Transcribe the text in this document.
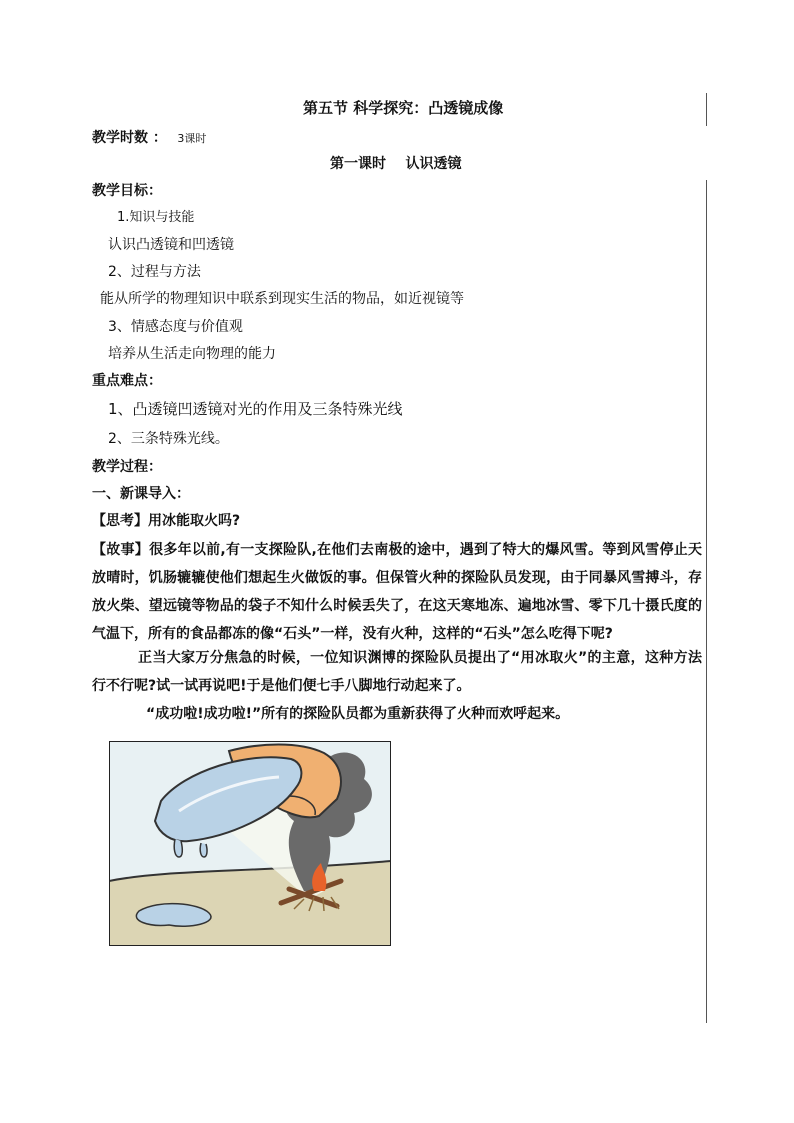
第五节 科学探究：凸透镜成像
教学时数 ： 3课时
第一课时    认识透镜
教学目标：
1.知识与技能
认识凸透镜和凹透镜
2、过程与方法
能从所学的物理知识中联系到现实生活的物品，如近视镜等
3、情感态度与价值观
培养从生活走向物理的能力
重点难点：
1、凸透镜凹透镜对光的作用及三条特殊光线
2、三条特殊光线。
教学过程：
一、新课导入：
【思考】用冰能取火吗?
【故事】很多年以前,有一支探险队,在他们去南极的途中，遇到了特大的爆风雪。等到风雪停止天放晴时，饥肠辘辘使他们想起生火做饭的事。但保管火种的探险队员发现，由于同暴风雪搏斗，存放火柴、望远镜等物品的袋子不知什么时候丢失了，在这天寒地冻、遍地冰雪、零下几十摄氏度的气温下，所有的食品都冻的像“石头”一样，没有火种，这样的“石头”怎么吃得下呢?
正当大家万分焦急的时候，一位知识渊博的探险队员提出了“用冰取火”的主意，这种方法行不行呢?试一试再说吧!于是他们便七手八脚地行动起来了。
“成功啦!成功啦!”所有的探险队员都为重新获得了火种而欢呼起来。
